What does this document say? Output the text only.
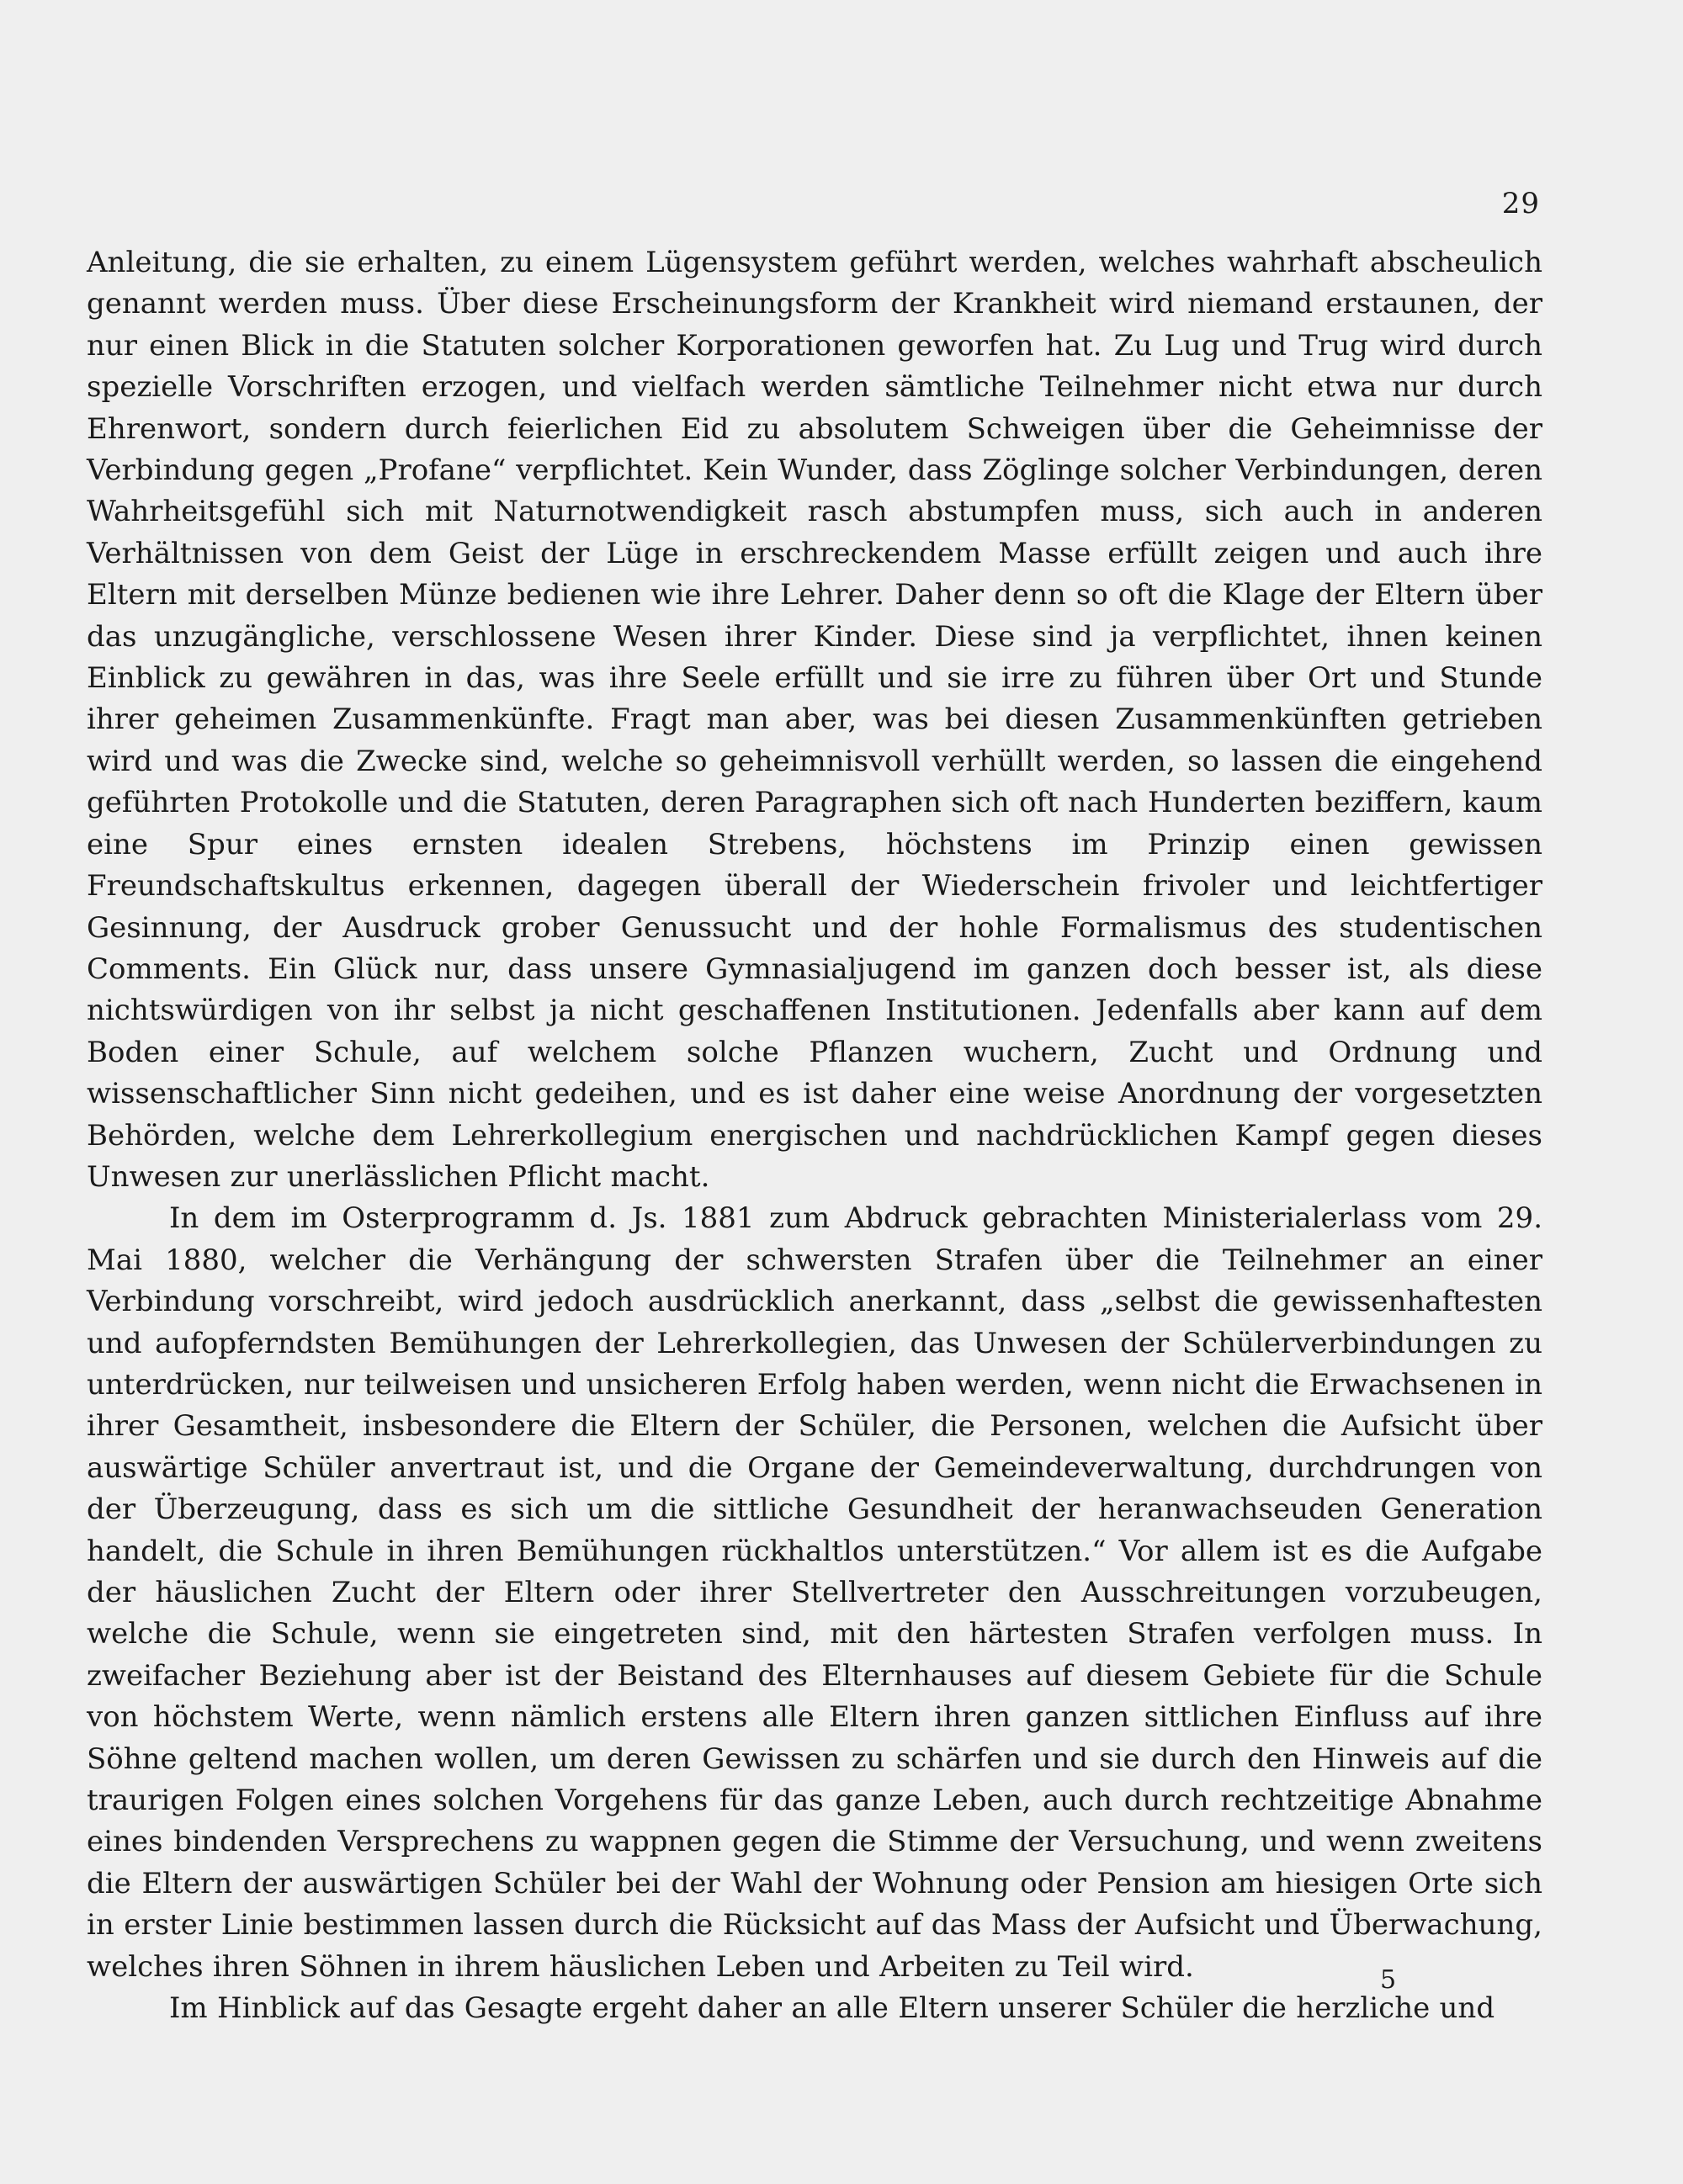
29

Anleitung, die sie erhalten, zu einem Lügensystem geführt werden, welches wahrhaft abscheulich genannt werden muss. Über diese Erscheinungsform der Krankheit wird niemand erstaunen, der nur einen Blick in die Statuten solcher Korporationen geworfen hat. Zu Lug und Trug wird durch spezielle Vorschriften erzogen, und vielfach werden sämtliche Teilnehmer nicht etwa nur durch Ehrenwort, sondern durch feierlichen Eid zu absolutem Schweigen über die Geheimnisse der Verbindung gegen „Profane“ verpflichtet. Kein Wunder, dass Zöglinge solcher Verbindungen, deren Wahrheitsgefühl sich mit Naturnotwendigkeit rasch abstumpfen muss, sich auch in anderen Verhältnissen von dem Geist der Lüge in erschreckendem Masse erfüllt zeigen und auch ihre Eltern mit derselben Münze bedienen wie ihre Lehrer. Daher denn so oft die Klage der Eltern über das unzugängliche, verschlossene Wesen ihrer Kinder. Diese sind ja verpflichtet, ihnen keinen Einblick zu gewähren in das, was ihre Seele erfüllt und sie irre zu führen über Ort und Stunde ihrer geheimen Zusammenkünfte. Fragt man aber, was bei diesen Zusammenkünften getrieben wird und was die Zwecke sind, welche so geheimnisvoll verhüllt werden, so lassen die eingehend geführten Protokolle und die Statuten, deren Paragraphen sich oft nach Hunderten beziffern, kaum eine Spur eines ernsten idealen Strebens, höchstens im Prinzip einen gewissen Freundschaftskultus erkennen, dagegen überall der Wiederschein frivoler und leichtfertiger Gesinnung, der Ausdruck grober Genussucht und der hohle Formalismus des studentischen Comments. Ein Glück nur, dass unsere Gymnasialjugend im ganzen doch besser ist, als diese nichtswürdigen von ihr selbst ja nicht geschaffenen Institutionen. Jedenfalls aber kann auf dem Boden einer Schule, auf welchem solche Pflanzen wuchern, Zucht und Ordnung und wissenschaftlicher Sinn nicht gedeihen, und es ist daher eine weise Anordnung der vorgesetzten Behörden, welche dem Lehrerkollegium energischen und nachdrücklichen Kampf gegen dieses Unwesen zur unerlässlichen Pflicht macht.

In dem im Osterprogramm d. Js. 1881 zum Abdruck gebrachten Ministerialerlass vom 29. Mai 1880, welcher die Verhängung der schwersten Strafen über die Teilnehmer an einer Verbindung vorschreibt, wird jedoch ausdrücklich anerkannt, dass „selbst die gewissenhaftesten und aufopferndsten Bemühungen der Lehrerkollegien, das Unwesen der Schülerverbindungen zu unterdrücken, nur teilweisen und unsicheren Erfolg haben werden, wenn nicht die Erwachsenen in ihrer Gesamtheit, insbesondere die Eltern der Schüler, die Personen, welchen die Aufsicht über auswärtige Schüler anvertraut ist, und die Organe der Gemeindeverwaltung, durchdrungen von der Überzeugung, dass es sich um die sittliche Gesundheit der heranwachseuden Generation handelt, die Schule in ihren Bemühungen rückhaltlos unterstützen.“ Vor allem ist es die Aufgabe der häuslichen Zucht der Eltern oder ihrer Stellvertreter den Ausschreitungen vorzubeugen, welche die Schule, wenn sie eingetreten sind, mit den härtesten Strafen verfolgen muss. In zweifacher Beziehung aber ist der Beistand des Elternhauses auf diesem Gebiete für die Schule von höchstem Werte, wenn nämlich erstens alle Eltern ihren ganzen sittlichen Einfluss auf ihre Söhne geltend machen wollen, um deren Gewissen zu schärfen und sie durch den Hinweis auf die traurigen Folgen eines solchen Vorgehens für das ganze Leben, auch durch rechtzeitige Abnahme eines bindenden Versprechens zu wappnen gegen die Stimme der Versuchung, und wenn zweitens die Eltern der auswärtigen Schüler bei der Wahl der Wohnung oder Pension am hiesigen Orte sich in erster Linie bestimmen lassen durch die Rücksicht auf das Mass der Aufsicht und Überwachung, welches ihren Söhnen in ihrem häuslichen Leben und Arbeiten zu Teil wird.

Im Hinblick auf das Gesagte ergeht daher an alle Eltern unserer Schüler die herzliche und

5
